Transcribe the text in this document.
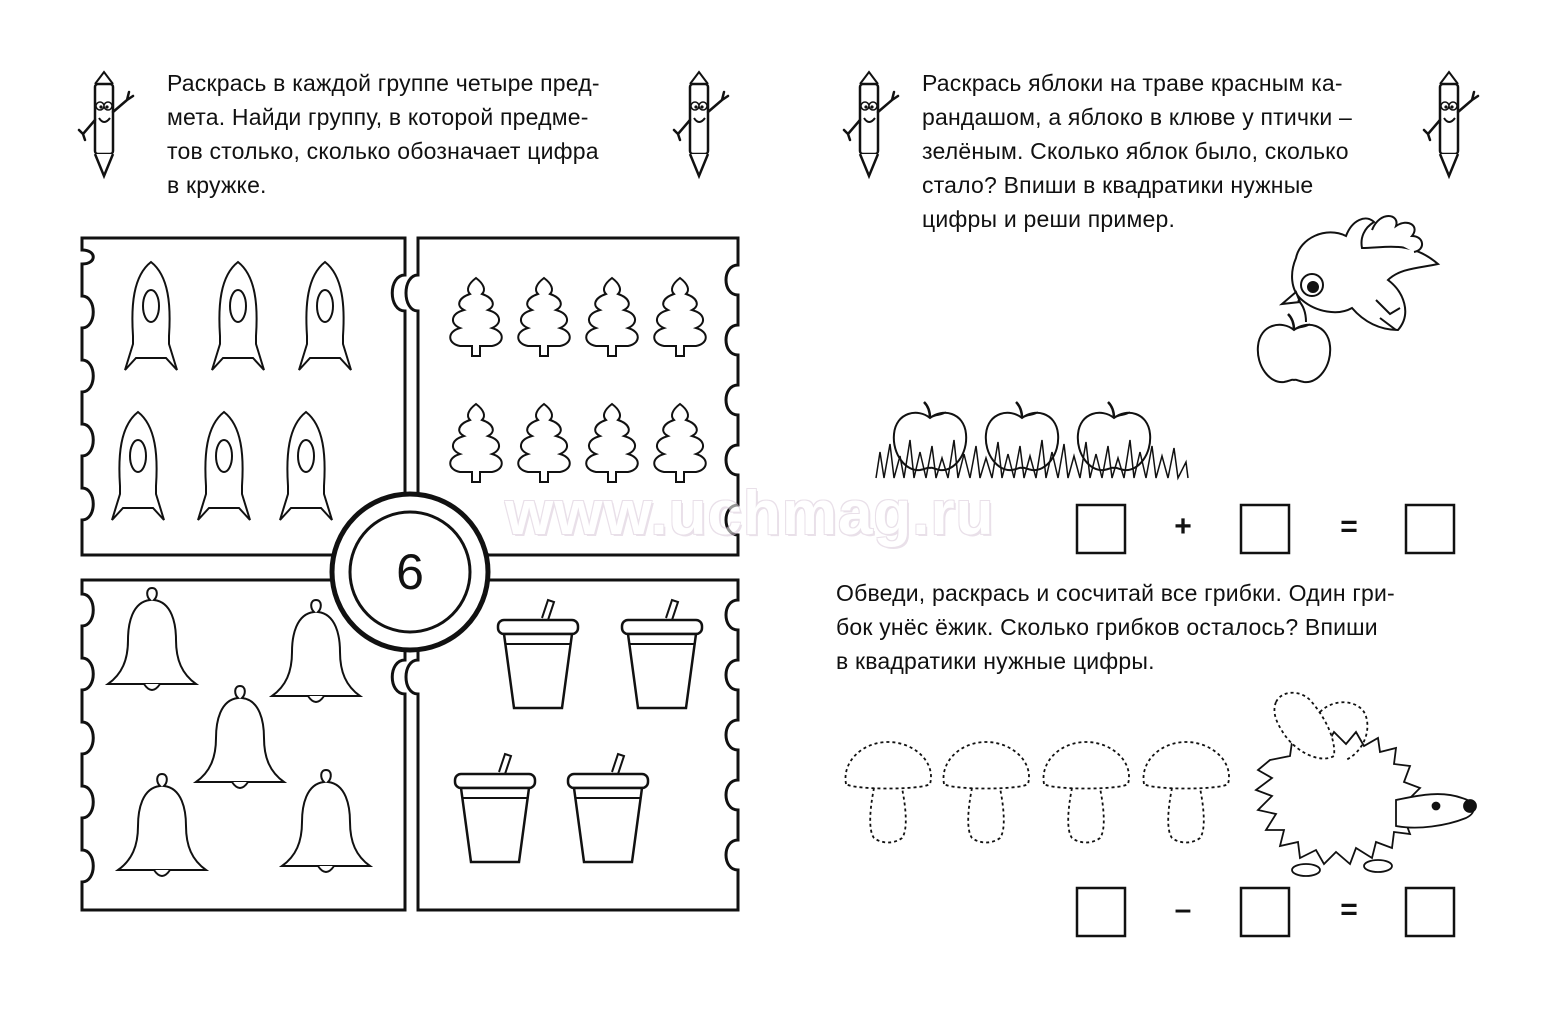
Раскрась в каждой группе четыре пред-
мета. Найди группу, в которой предме-
тов столько, сколько обозначает цифра
в кружке.
Раскрась яблоки на траве красным ка-
рандашом, а яблоко в клюве у птички –
зелёным. Сколько яблок было, сколько
стало? Впиши в квадратики нужные
цифры и реши пример.
Обведи, раскрась и сосчитай все грибки. Один гри-
бок унёс ёжик. Сколько грибков осталось? Впиши
в квадратики нужные цифры.
6
+	=
–	=
www.uchmag.ru
